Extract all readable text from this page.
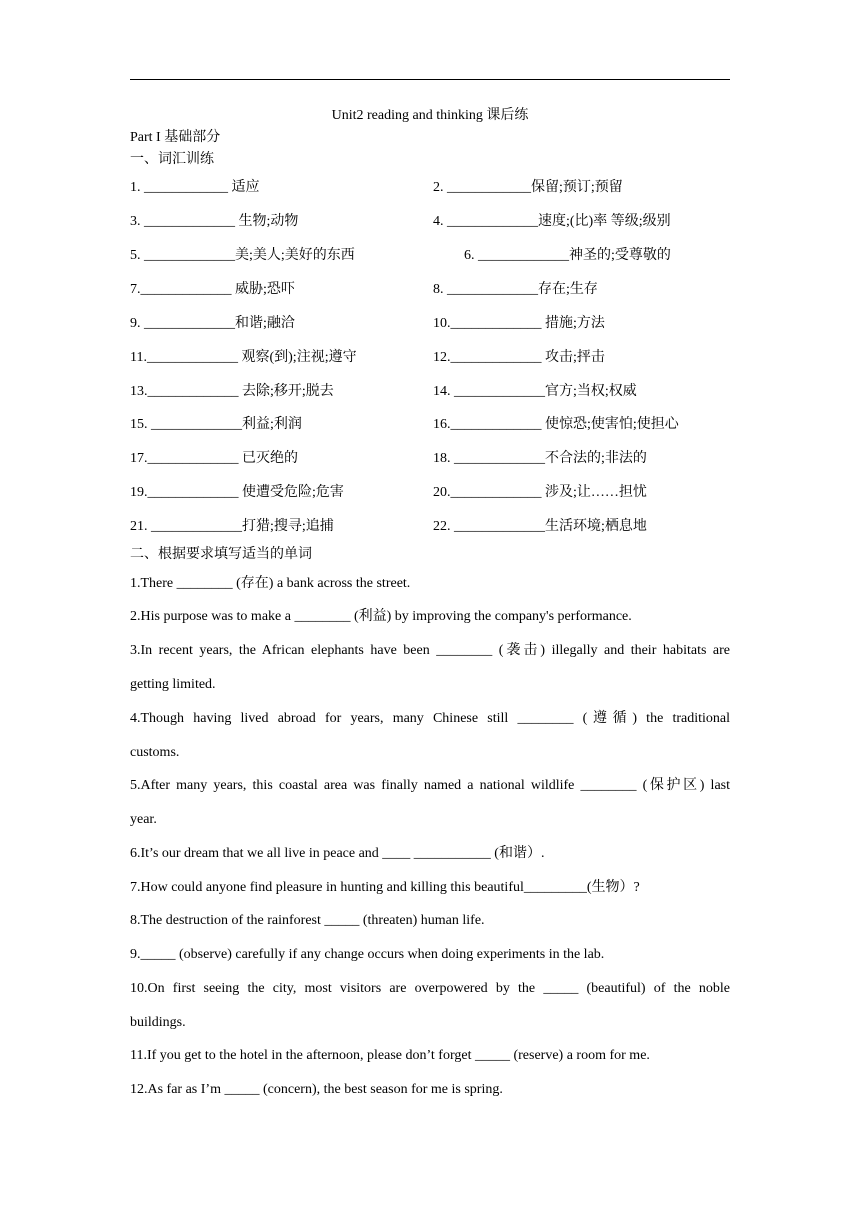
Unit2 reading and thinking 课后练
Part I 基础部分
一、词汇训练
1. ____________ 适应	2. ____________保留;预订;预留
3. _____________ 生物;动物	4. _____________速度;(比)率 等级;级别
5. _____________美;美人;美好的东西	6. _____________神圣的;受尊敬的
7._____________ 威胁;恐吓	8. _____________存在;生存
9. _____________和谐;融洽	10._____________ 措施;方法
11._____________ 观察(到);注视;遵守	12._____________ 攻击;抨击
13._____________ 去除;移开;脱去	14. _____________官方;当权;权威
15. _____________利益;利润	16._____________ 使惊恐;使害怕;使担心
17._____________ 已灭绝的	18. _____________不合法的;非法的
19._____________ 使遭受危险;危害	20._____________ 涉及;让……担忧
21. _____________打猎;搜寻;追捕	22. _____________生活环境;栖息地
二、根据要求填写适当的单词
1.There ________ (存在) a bank across the street.
2.His purpose was to make a ________ (利益) by improving the company's performance.
3.In recent years, the African elephants have been ________ (袭击) illegally and their habitats are
getting limited.
4.Though having lived abroad for years, many Chinese still ________ (遵循) the traditional
customs.
5.After many years, this coastal area was finally named a national wildlife ________ (保护区) last
year.
6.It’s our dream that we all live in peace and ____ ___________ (和谐）.
7.How could anyone find pleasure in hunting and killing this beautiful_________(生物）?
8.The destruction of the rainforest _____ (threaten) human life.
9._____ (observe) carefully if any change occurs when doing experiments in the lab.
10.On first seeing the city, most visitors are overpowered by the _____ (beautiful) of the noble
buildings.
11.If you get to the hotel in the afternoon, please don’t forget _____ (reserve) a room for me.
12.As far as I’m _____ (concern), the best season for me is spring.
